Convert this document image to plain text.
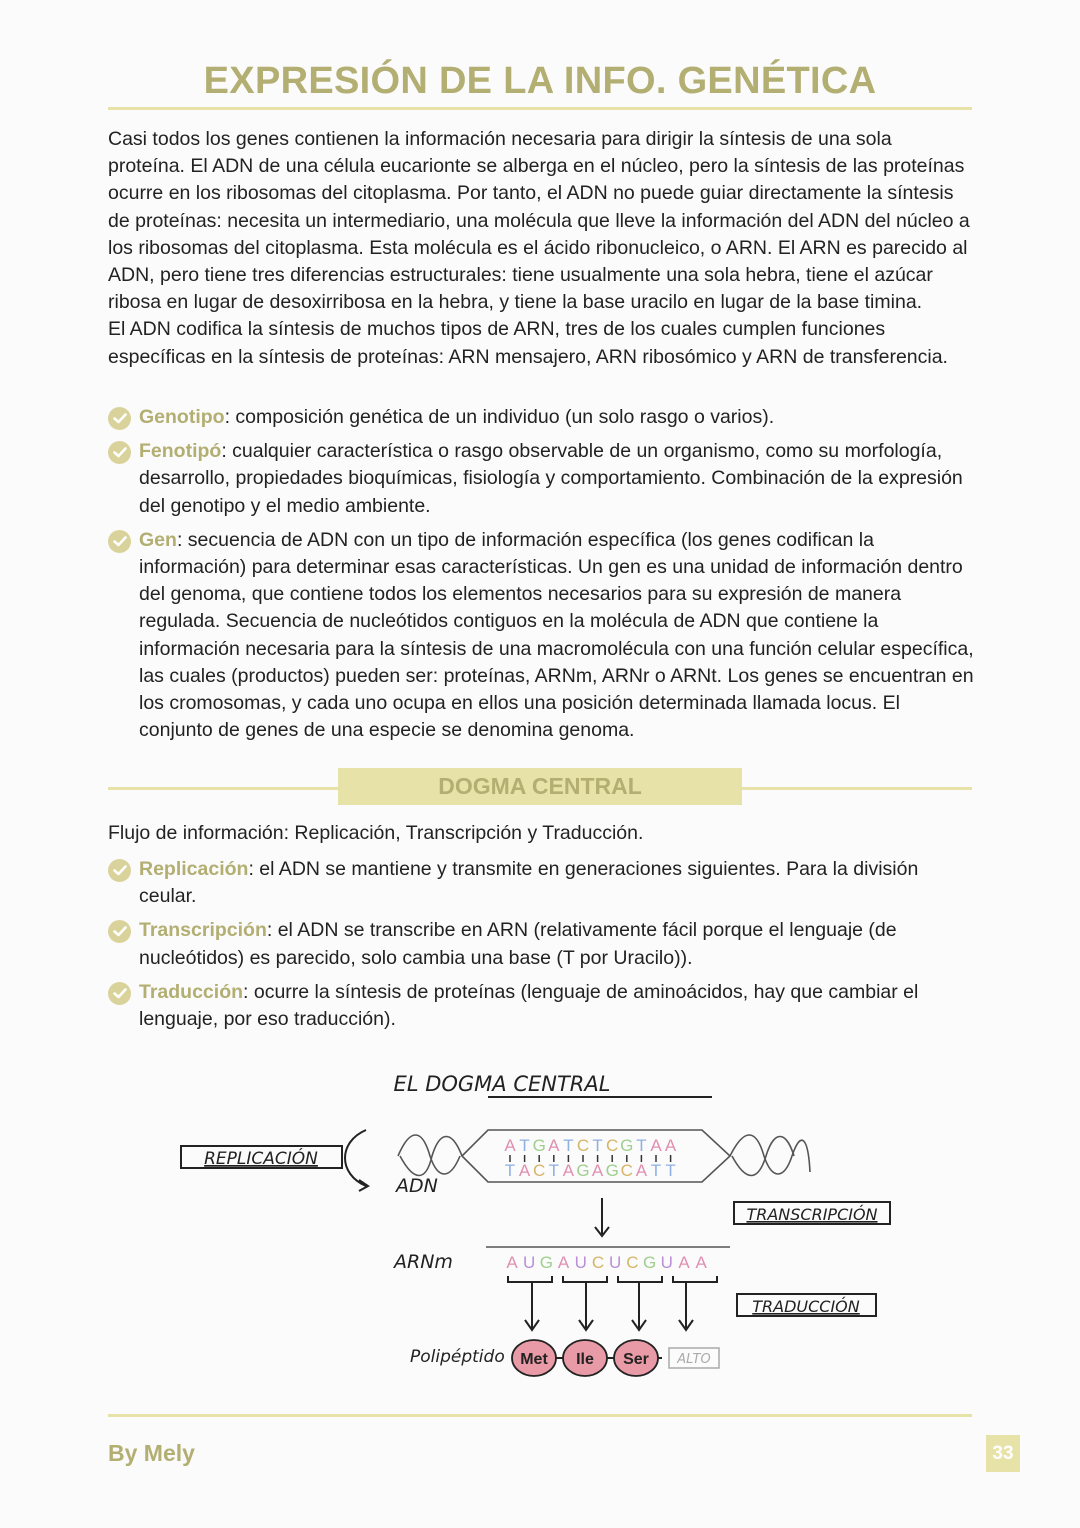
EXPRESIÓN DE LA INFO. GENÉTICA

Casi todos los genes contienen la información necesaria para dirigir la síntesis de una sola proteína. El ADN de una célula eucarionte se alberga en el núcleo, pero la síntesis de las proteínas ocurre en los ribosomas del citoplasma. Por tanto, el ADN no puede guiar directamente la síntesis de proteínas: necesita un intermediario, una molécula que lleve la información del ADN del núcleo a los ribosomas del citoplasma. Esta molécula es el ácido ribonucleico, o ARN. El ARN es parecido al ADN, pero tiene tres diferencias estructurales: tiene usualmente una sola hebra, tiene el azúcar ribosa en lugar de desoxirribosa en la hebra, y tiene la base uracilo en lugar de la base timina.

El ADN codifica la síntesis de muchos tipos de ARN, tres de los cuales cumplen funciones específicas en la síntesis de proteínas: ARN mensajero, ARN ribosómico y ARN de transferencia.

Genotipo: composición genética de un individuo (un solo rasgo o varios).
Fenotipó: cualquier característica o rasgo observable de un organismo, como su morfología, desarrollo, propiedades bioquímicas, fisiología y comportamiento. Combinación de la expresión del genotipo y el medio ambiente.
Gen: secuencia de ADN con un tipo de información específica (los genes codifican la información) para determinar esas características. Un gen es una unidad de información dentro del genoma, que contiene todos los elementos necesarios para su expresión de manera regulada. Secuencia de nucleótidos contiguos en la molécula de ADN que contiene la información necesaria para la síntesis de una macromolécula con una función celular específica, las cuales (productos) pueden ser: proteínas, ARNm, ARNr o ARNt. Los genes se encuentran en los cromosomas, y cada uno ocupa en ellos una posición determinada llamada locus. El conjunto de genes de una especie se denomina genoma.
DOGMA CENTRAL
Flujo de información: Replicación, Transcripción y Traducción.
Replicación: el ADN se mantiene y transmite en generaciones siguientes. Para la división ceular.
Transcripción: el ADN se transcribe en ARN (relativamente fácil porque el lenguaje (de nucleótidos) es parecido, solo cambia una base (T por Uracilo)).
Traducción: ocurre la síntesis de proteínas (lenguaje de aminoácidos, hay que cambiar el lenguaje, por eso traducción).
EL DOGMA CENTRAL
REPLICACIÓN
ADN
A T G A T C T C G T A A
T A C T A G A G C A T T
TRANSCRIPCIÓN
ARNm	A U G A U C U C G U A A
TRADUCCIÓN
Polipéptido Met Ile Ser ALTO
By Mely	33
